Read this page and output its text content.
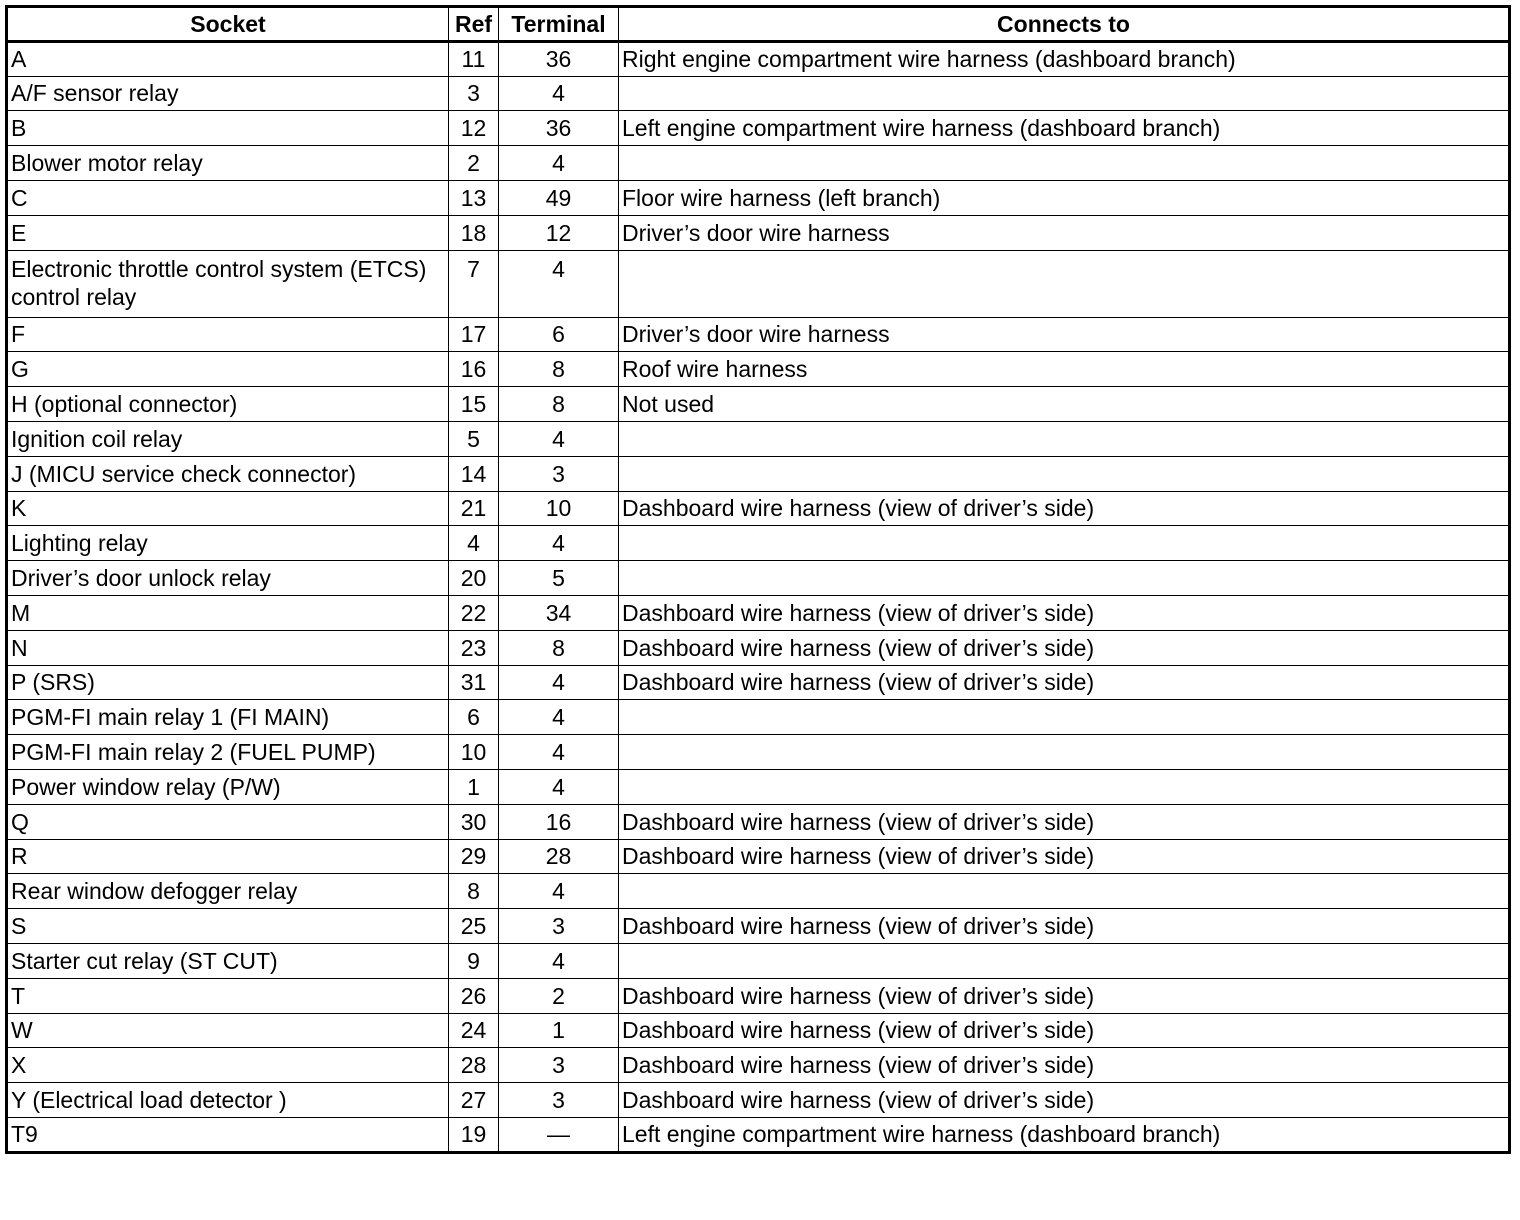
Socket	Ref	Terminal	Connects to
A	11	36	Right engine compartment wire harness (dashboard branch)
A/F sensor relay	3	4	
B	12	36	Left engine compartment wire harness (dashboard branch)
Blower motor relay	2	4	
C	13	49	Floor wire harness (left branch)
E	18	12	Driver’s door wire harness
Electronic throttle control system (ETCS) control relay	7	4	
F	17	6	Driver’s door wire harness
G	16	8	Roof wire harness
H (optional connector)	15	8	Not used
Ignition coil relay	5	4	
J (MICU service check connector)	14	3	
K	21	10	Dashboard wire harness (view of driver’s side)
Lighting relay	4	4	
Driver’s door unlock relay	20	5	
M	22	34	Dashboard wire harness (view of driver’s side)
N	23	8	Dashboard wire harness (view of driver’s side)
P (SRS)	31	4	Dashboard wire harness (view of driver’s side)
PGM-FI main relay 1 (FI MAIN)	6	4	
PGM-FI main relay 2 (FUEL PUMP)	10	4	
Power window relay (P/W)	1	4	
Q	30	16	Dashboard wire harness (view of driver’s side)
R	29	28	Dashboard wire harness (view of driver’s side)
Rear window defogger relay	8	4	
S	25	3	Dashboard wire harness (view of driver’s side)
Starter cut relay (ST CUT)	9	4	
T	26	2	Dashboard wire harness (view of driver’s side)
W	24	1	Dashboard wire harness (view of driver’s side)
X	28	3	Dashboard wire harness (view of driver’s side)
Y (Electrical load detector )	27	3	Dashboard wire harness (view of driver’s side)
T9	19	—	Left engine compartment wire harness (dashboard branch)
